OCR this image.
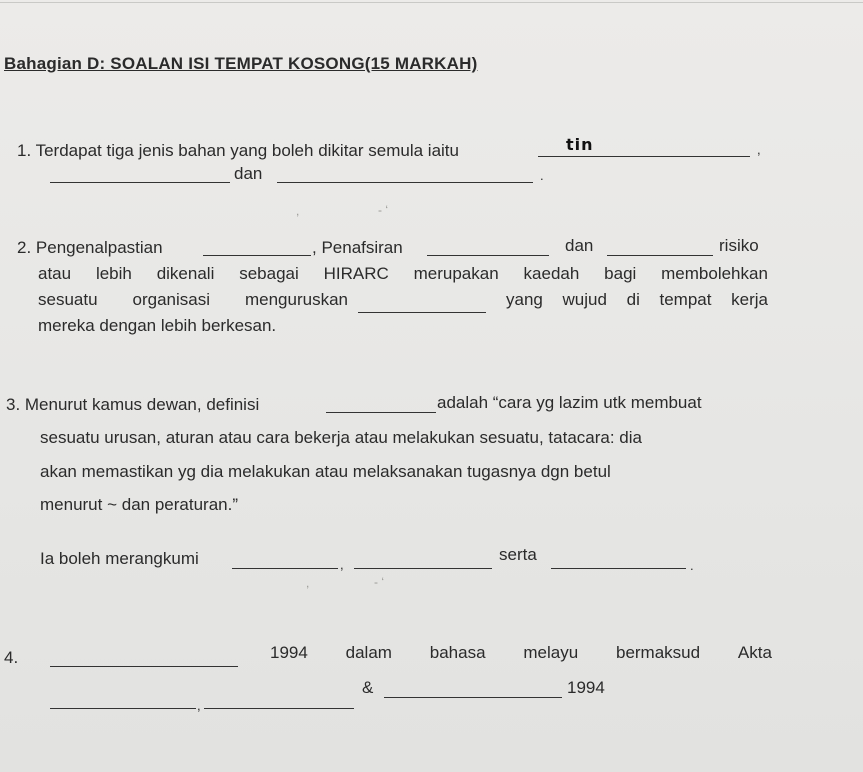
Bahagian D: SOALAN ISI TEMPAT KOSONG(15 MARKAH)
1. Terdapat tiga jenis bahan yang boleh dikitar semula iaitu	tin	,
dan	.
,	- ‘
2. Pengenalpastian	, Penafsiran	dan	risiko
atau lebih dikenali sebagai HIRARC merupakan kaedah bagi membolehkan
sesuatu organisasi menguruskan	yang wujud di tempat kerja
mereka dengan lebih berkesan.
3. Menurut kamus dewan, definisi	adalah “cara yg lazim utk membuat
sesuatu urusan, aturan atau cara bekerja atau melakukan sesuatu, tatacara: dia
akan memastikan yg dia melakukan atau melaksanakan tugasnya dgn betul
menurut ~ dan peraturan.”
Ia boleh merangkumi	,
serta
.
,	- ‘
4.	1994 dalam bahasa melayu bermaksud Akta
,
&	1994
